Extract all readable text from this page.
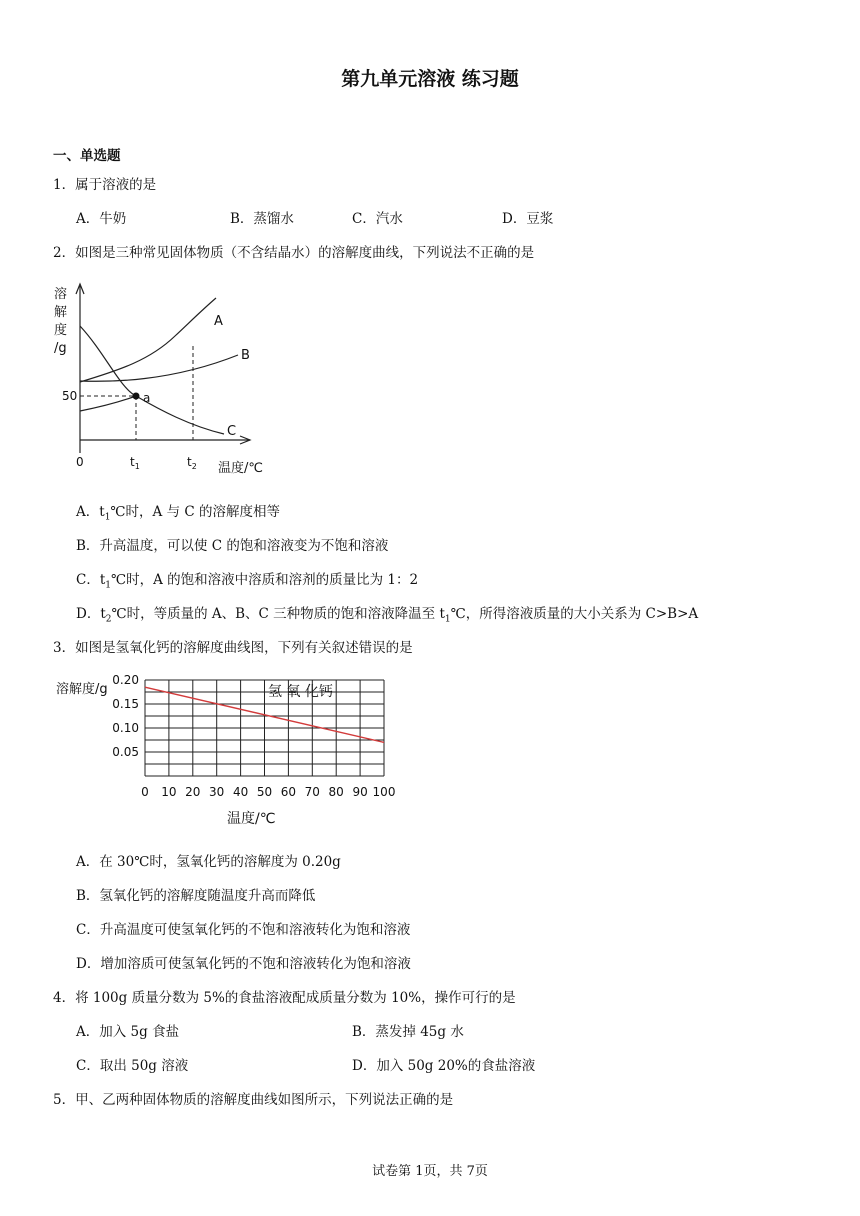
第九单元溶液 练习题
一、单选题
1．属于溶液的是
A．牛奶	B．蒸馏水	C．汽水	D．豆浆
2．如图是三种常见固体物质（不含结晶水）的溶解度曲线，下列说法不正确的是
溶
解
度
/g
50
0	$t_1$	$t_2$ 温度/℃
a
A
B
C
A．$t_1℃$时，A 与 C 的溶解度相等
B．升高温度，可以使 C 的饱和溶液变为不饱和溶液
C．$t_1℃$时，A 的饱和溶液中溶质和溶剂的质量比为 1：2
D．$t_2℃$时，等质量的 A、B、C 三种物质的饱和溶液降温至 $t_1℃$，所得溶液质量的大小关系为 C>B>A
3．如图是氢氧化钙的溶解度曲线图，下列有关叙述错误的是
0 10 20 30 40 50 60 70 80 90 100
0.20
0.15
0.10
0.05
氢 氧 化钙
溶解度/g
温度/℃
A．在 30℃时，氢氧化钙的溶解度为 0.20g
B．氢氧化钙的溶解度随温度升高而降低
C．升高温度可使氢氧化钙的不饱和溶液转化为饱和溶液
D．增加溶质可使氢氧化钙的不饱和溶液转化为饱和溶液
4．将 100g 质量分数为 5%的食盐溶液配成质量分数为 10%，操作可行的是
A．加入 5g 食盐	B．蒸发掉 45g 水
C．取出 50g 溶液	D．加入 50g 20%的食盐溶液
5．甲、乙两种固体物质的溶解度曲线如图所示，下列说法正确的是
试卷第 1页，共 7页
